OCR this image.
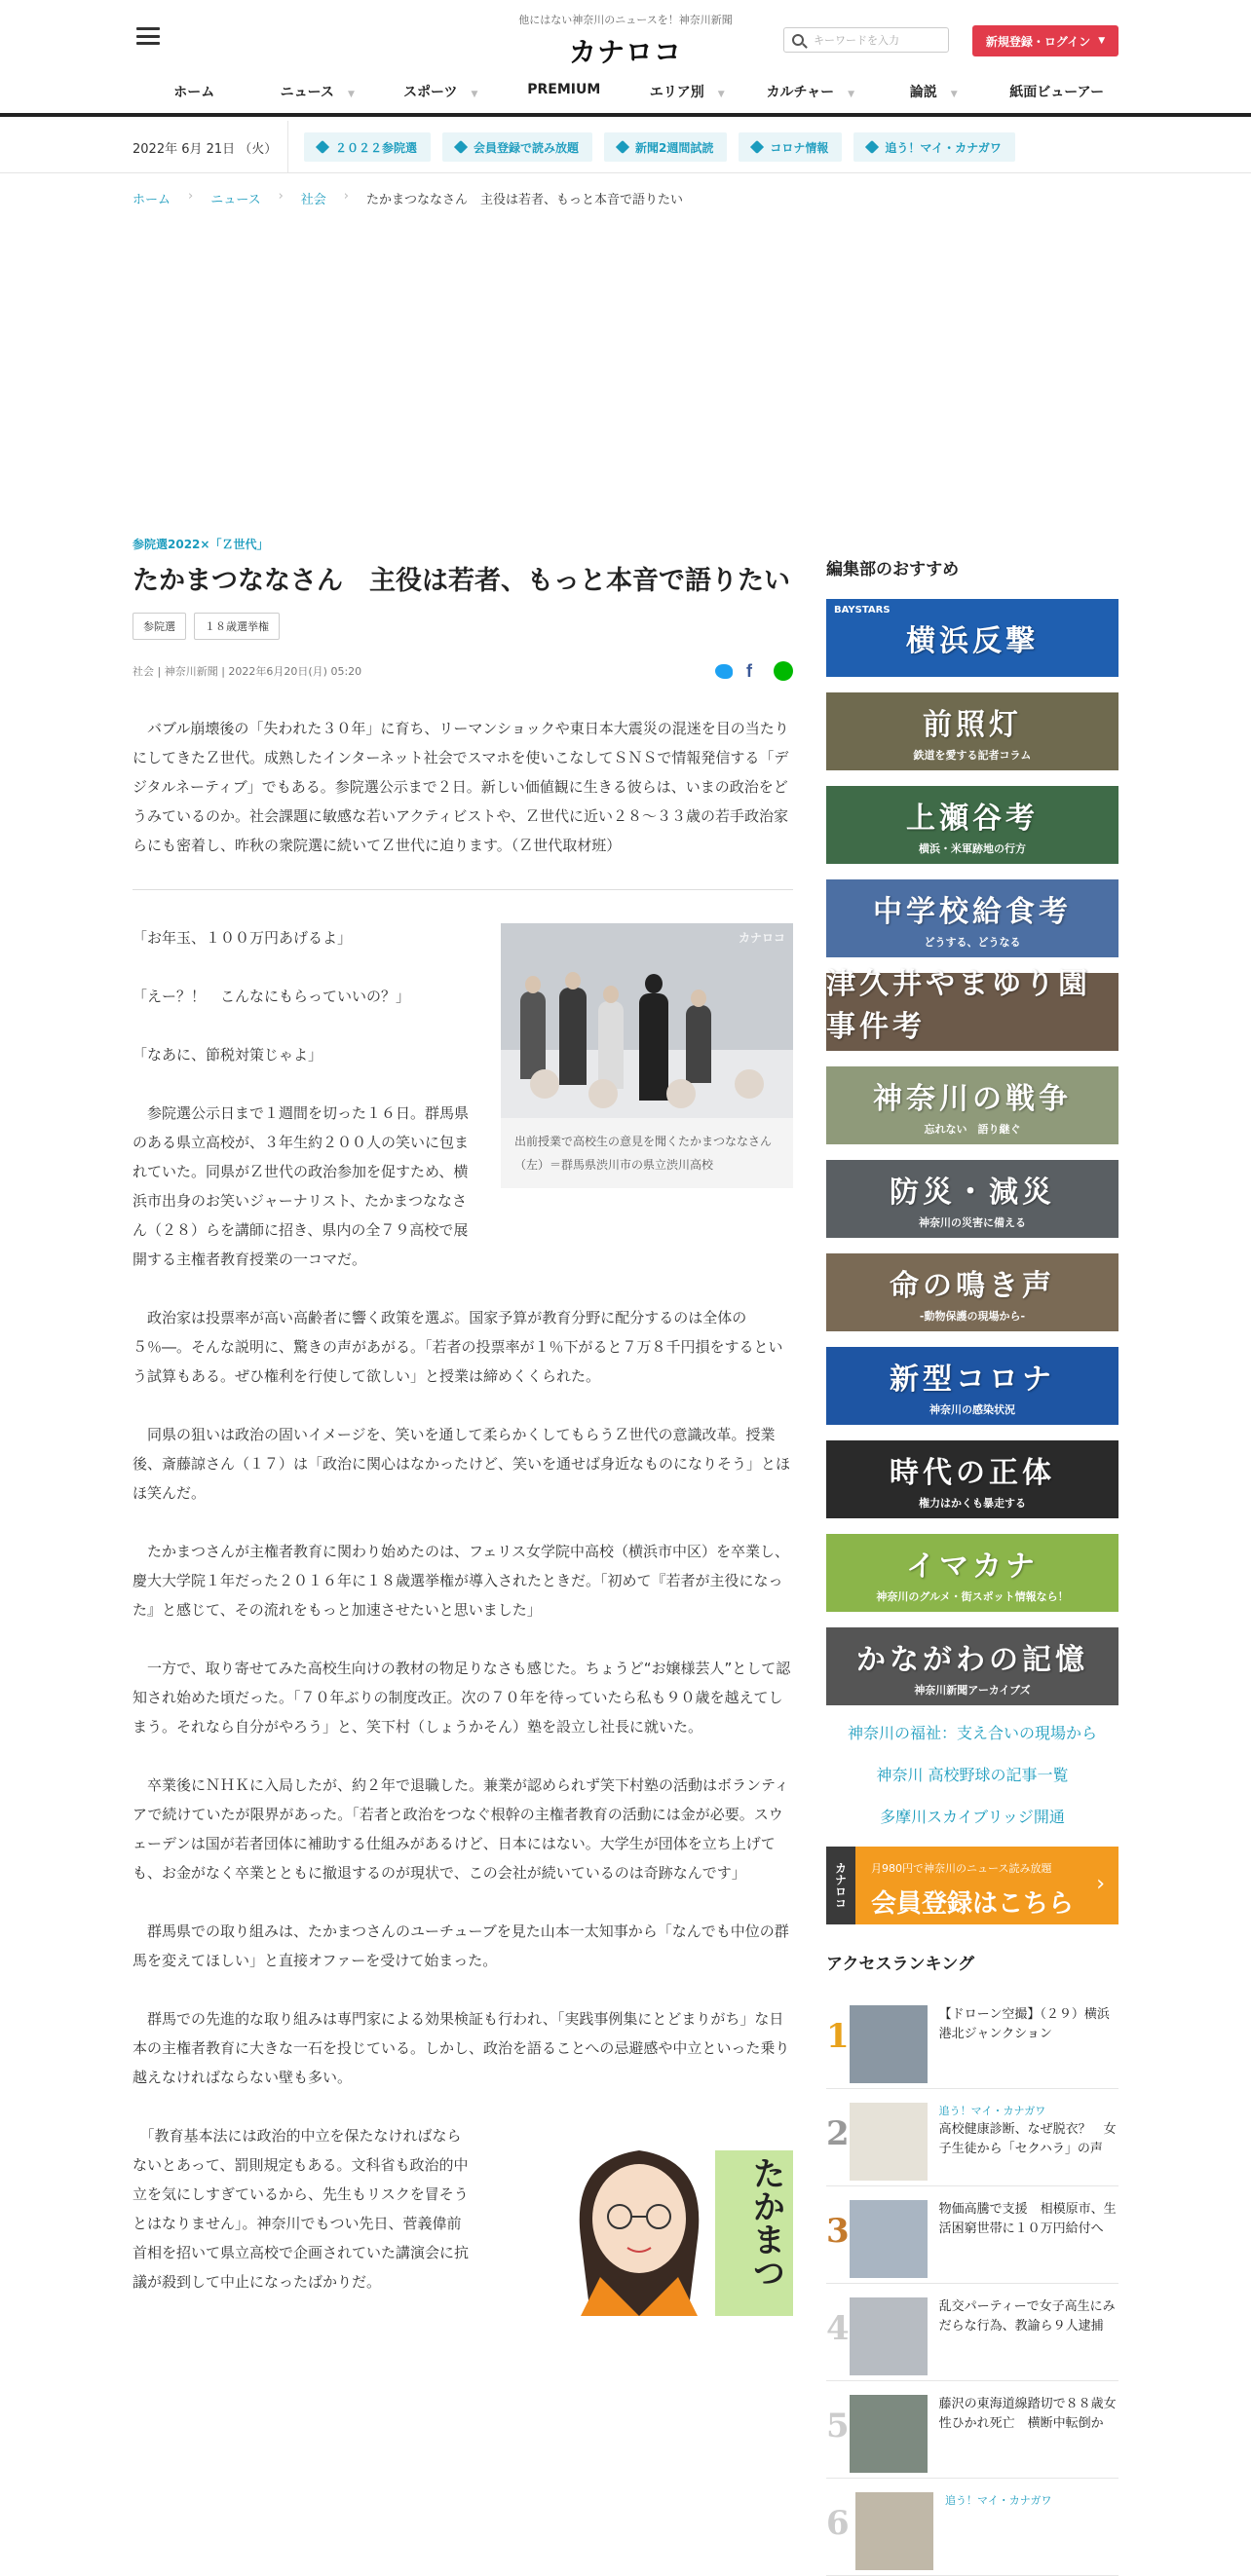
他にはない神奈川のニュースを！神奈川新聞
カナロコ	キーワードを入力	新規登録・ログイン ▼
ホーム	ニュース ▼	スポーツ ▼	PREMIUM	エリア別 ▼	カルチャー ▼	論説 ▼	紙面ビューアー
2022年 6月 21日 （火）	２０２２参院選	会員登録で読み放題	新聞2週間試読	コロナ情報	追う！マイ・カナガワ
ホーム › ニュース › 社会 › たかまつななさん　主役は若者、もっと本音で語りたい
参院選2022×「Ｚ世代」
たかまつななさん　主役は若者、もっと本音で語りたい
参院選	１８歳選挙権
社会 | 神奈川新聞 | 2022年6月20日(月) 05:20	f

　バブル崩壊後の「失われた３０年」に育ち、リーマンショックや東日本大震災の混迷を目の当たりにしてきたＺ世代。成熟したインターネット社会でスマホを使いこなしてＳＮＳで情報発信する「デジタルネーティブ」でもある。参院選公示まで２日。新しい価値観に生きる彼らは、いまの政治をどうみているのか。社会課題に敏感な若いアクティビストや、Ｚ世代に近い２８～３３歳の若手政治家らにも密着し、昨秋の衆院選に続いてＺ世代に迫ります。（Ｚ世代取材班）

カナロコ
出前授業で高校生の意見を聞くたかまつななさん（左）＝群馬県渋川市の県立渋川高校

「お年玉、１００万円あげるよ」

「えー？！　こんなにもらっていいの？」

「なあに、節税対策じゃよ」

　参院選公示日まで１週間を切った１６日。群馬県のある県立高校が、３年生約２００人の笑いに包まれていた。同県がＺ世代の政治参加を促すため、横浜市出身のお笑いジャーナリスト、たかまつななさん（２８）らを講師に招き、県内の全７９高校で展開する主権者教育授業の一コマだ。

　政治家は投票率が高い高齢者に響く政策を選ぶ。国家予算が教育分野に配分するのは全体の５％―。そんな説明に、驚きの声があがる。「若者の投票率が１％下がると７万８千円損をするという試算もある。ぜひ権利を行使して欲しい」と授業は締めくくられた。

　同県の狙いは政治の固いイメージを、笑いを通して柔らかくしてもらうＺ世代の意識改革。授業後、斎藤諒さん（１７）は「政治に関心はなかったけど、笑いを通せば身近なものになりそう」とほほ笑んだ。

　たかまつさんが主権者教育に関わり始めたのは、フェリス女学院中高校（横浜市中区）を卒業し、慶大大学院１年だった２０１６年に１８歳選挙権が導入されたときだ。「初めて『若者が主役になった』と感じて、その流れをもっと加速させたいと思いました」

　一方で、取り寄せてみた高校生向けの教材の物足りなさも感じた。ちょうど“お嬢様芸人”として認知され始めた頃だった。「７０年ぶりの制度改正。次の７０年を待っていたら私も９０歳を越えてしまう。それなら自分がやろう」と、笑下村（しょうかそん）塾を設立し社長に就いた。

　卒業後にＮＨＫに入局したが、約２年で退職した。兼業が認められず笑下村塾の活動はボランティアで続けていたが限界があった。「若者と政治をつなぐ根幹の主権者教育の活動には金が必要。スウェーデンは国が若者団体に補助する仕組みがあるけど、日本にはない。大学生が団体を立ち上げても、お金がなく卒業とともに撤退するのが現状で、この会社が続いているのは奇跡なんです」

　群馬県での取り組みは、たかまつさんのユーチューブを見た山本一太知事から「なんでも中位の群馬を変えてほしい」と直接オファーを受けて始まった。

　群馬での先進的な取り組みは専門家による効果検証も行われ、「実践事例集にとどまりがち」な日本の主権者教育に大きな一石を投じている。しかし、政治を語ることへの忌避感や中立といった乗り越えなければならない壁も多い。

　「教育基本法には政治的中立を保たなければならないとあって、罰則規定もある。文科省も政治的中立を気にしすぎているから、先生もリスクを冒そうとはなりません」。神奈川でもつい先日、菅義偉前首相を招いて県立高校で企画されていた講演会に抗議が殺到して中止になったばかりだ。	たかまつ
編集部のおすすめ
BAYSTARS
横浜反撃
前照灯
鉄道を愛する記者コラム
上瀬谷考
横浜・米軍跡地の行方
中学校給食考
どうする、どうなる
津久井やまゆり園事件考
相模原障害者殺傷
神奈川の戦争
忘れない　語り継ぐ
防災・減災
神奈川の災害に備える
命の鳴き声
-動物保護の現場から-
新型コロナ
神奈川の感染状況
時代の正体
権力はかくも暴走する
イマカナ
神奈川のグルメ・街スポット情報なら！
かながわの記憶
神奈川新聞アーカイブズ
神奈川の福祉：支え合いの現場から
神奈川 高校野球の記事一覧
多摩川スカイブリッジ開通
カナロコ	月980円で神奈川のニュース読み放題
会員登録はこちら
›
アクセスランキング
1
【ドローン空撮】（２９）横浜港北ジャンクション
2
追う！マイ・カナガワ
高校健康診断、なぜ脱衣？　女子生徒から「セクハラ」の声
3
物価高騰で支援　相模原市、生活困窮世帯に１０万円給付へ
4
乱交パーティーで女子高生にみだらな行為、教諭ら９人逮捕
5
藤沢の東海道線踏切で８８歳女性ひかれ死亡　横断中転倒か
6
追う！マイ・カナガワ
